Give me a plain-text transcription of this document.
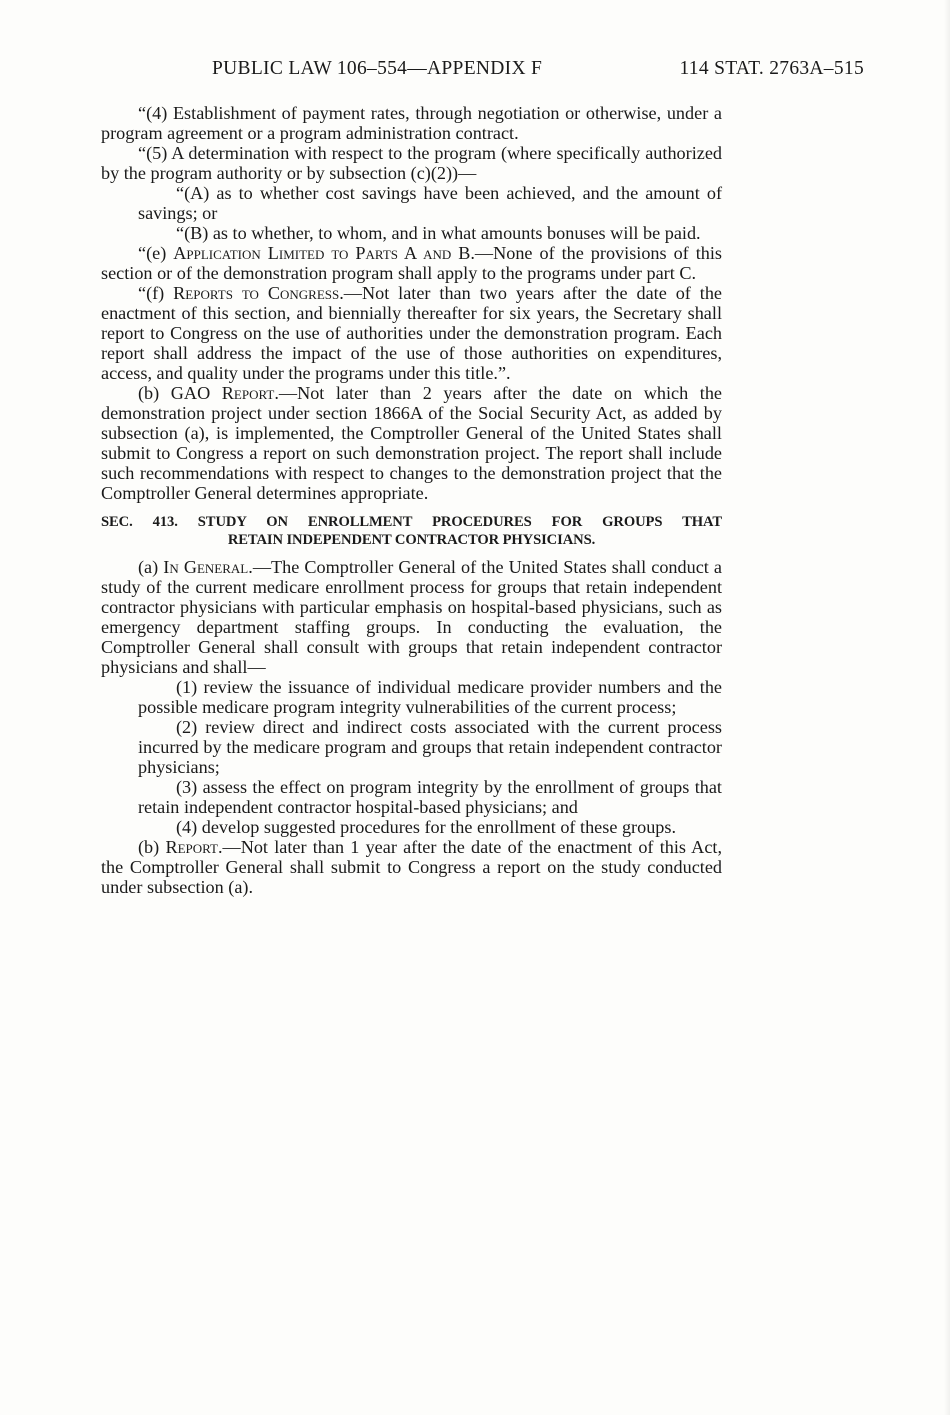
PUBLIC LAW 106–554—APPENDIX F	114 STAT. 2763A–515

“(4) Establishment of payment rates, through negotiation or otherwise, under a program agreement or a program administration contract.

“(5) A determination with respect to the program (where specifically authorized by the program authority or by subsection (c)(2))—

“(A) as to whether cost savings have been achieved, and the amount of savings; or

“(B) as to whether, to whom, and in what amounts bonuses will be paid.

“(e) Application Limited to Parts A and B.—None of the provisions of this section or of the demonstration program shall apply to the programs under part C.

“(f) Reports to Congress.—Not later than two years after the date of the enactment of this section, and biennially thereafter for six years, the Secretary shall report to Congress on the use of authorities under the demonstration program. Each report shall address the impact of the use of those authorities on expenditures, access, and quality under the programs under this title.”.

(b) GAO Report.—Not later than 2 years after the date on which the demonstration project under section 1866A of the Social Security Act, as added by subsection (a), is implemented, the Comptroller General of the United States shall submit to Congress a report on such demonstration project. The report shall include such recommendations with respect to changes to the demonstration project that the Comptroller General determines appropriate.

SEC. 413. STUDY ON ENROLLMENT PROCEDURES FOR GROUPS THAT
RETAIN INDEPENDENT CONTRACTOR PHYSICIANS.

(a) In General.—The Comptroller General of the United States shall conduct a study of the current medicare enrollment process for groups that retain independent contractor physicians with particular emphasis on hospital-based physicians, such as emergency department staffing groups. In conducting the evaluation, the Comptroller General shall consult with groups that retain independent contractor physicians and shall—

(1) review the issuance of individual medicare provider numbers and the possible medicare program integrity vulnerabilities of the current process;

(2) review direct and indirect costs associated with the current process incurred by the medicare program and groups that retain independent contractor physicians;

(3) assess the effect on program integrity by the enrollment of groups that retain independent contractor hospital-based physicians; and

(4) develop suggested procedures for the enrollment of these groups.

(b) Report.—Not later than 1 year after the date of the enactment of this Act, the Comptroller General shall submit to Congress a report on the study conducted under subsection (a).
